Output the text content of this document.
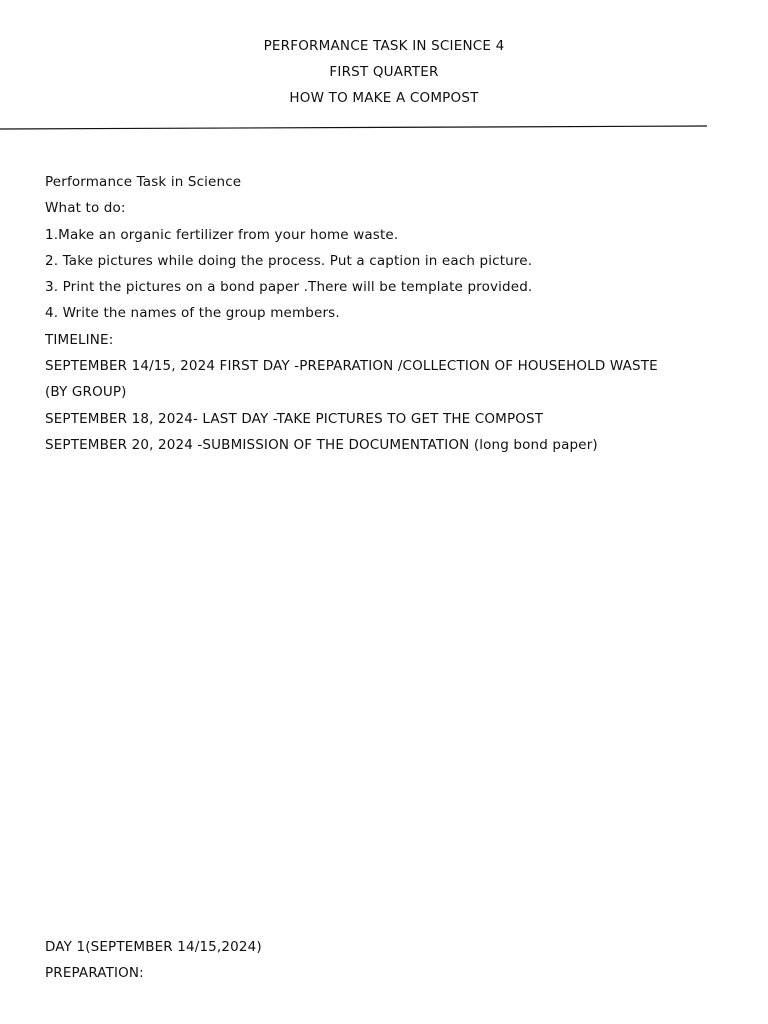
PERFORMANCE TASK IN SCIENCE 4
FIRST QUARTER
HOW TO MAKE A COMPOST
Performance Task in Science
What to do:
1.Make an organic fertilizer from your home waste.
2. Take pictures while doing the process. Put a caption in each picture.
3. Print the pictures on a bond paper .There will be template provided.
4. Write the names of the group members.
TIMELINE:
SEPTEMBER 14/15, 2024 FIRST DAY -PREPARATION /COLLECTION OF HOUSEHOLD WASTE
(BY GROUP)
SEPTEMBER 18, 2024- LAST DAY -TAKE PICTURES TO GET THE COMPOST
SEPTEMBER 20, 2024 -SUBMISSION OF THE DOCUMENTATION (long bond paper)
DAY 1(SEPTEMBER 14/15,2024)
PREPARATION:
